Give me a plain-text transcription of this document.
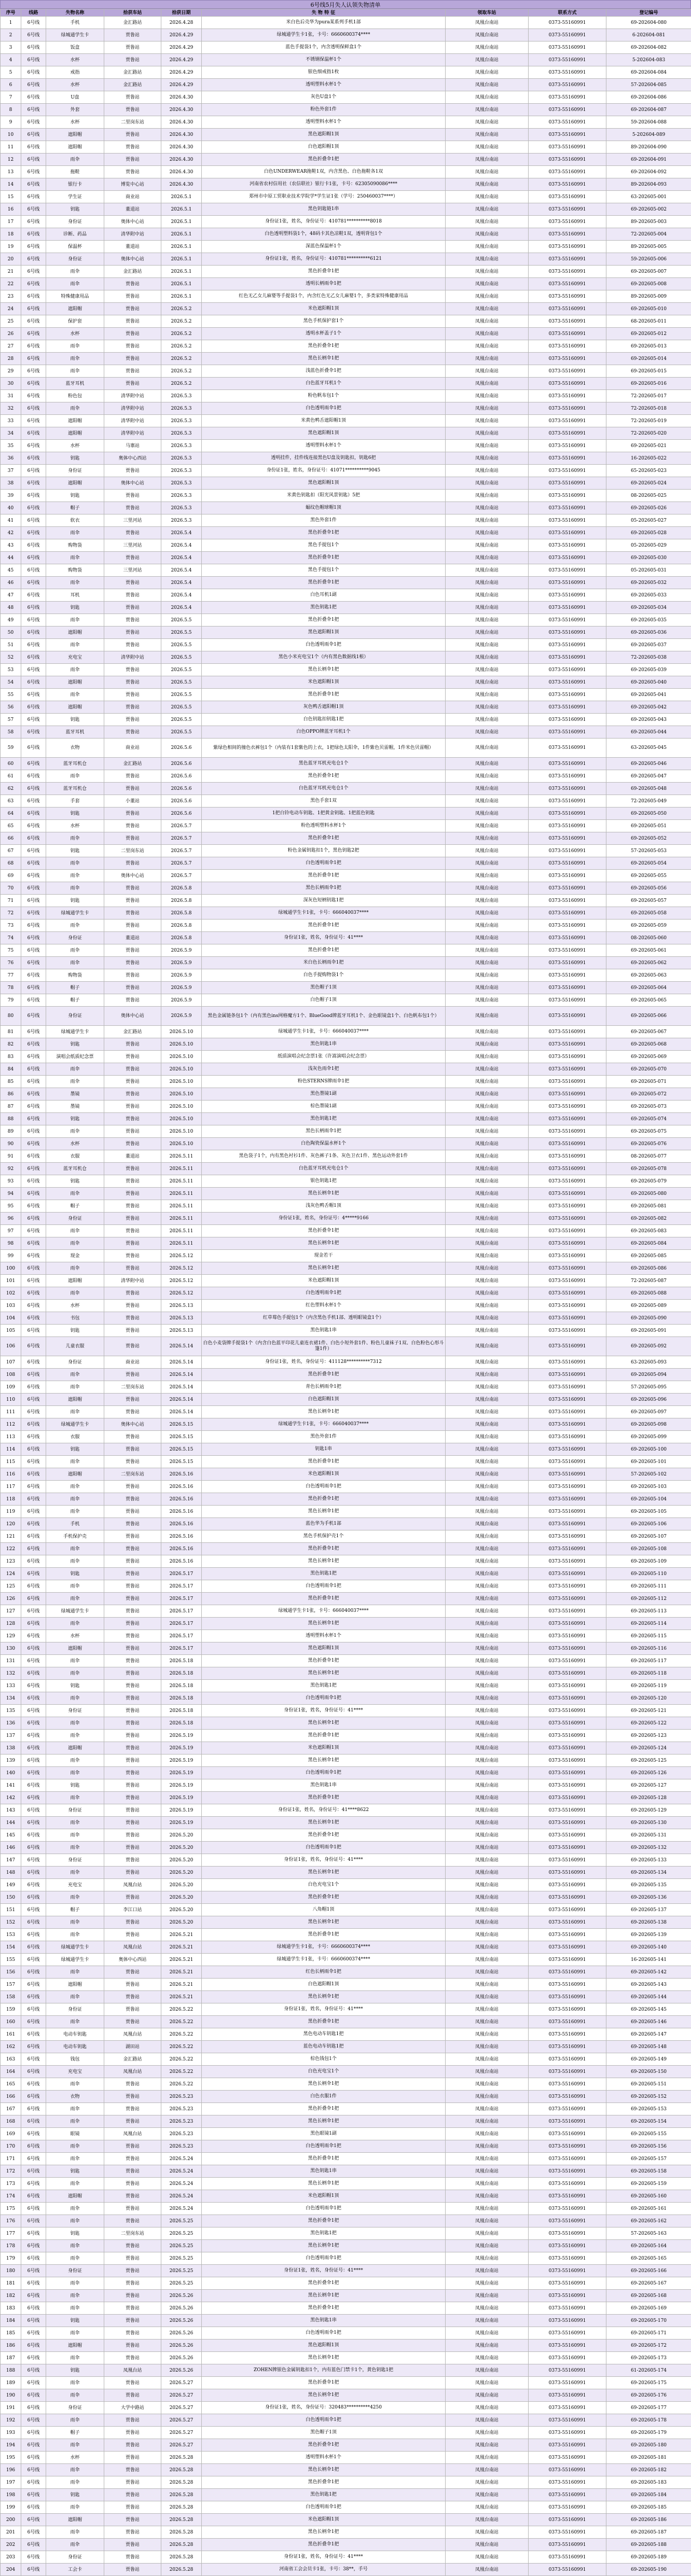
6号线5月失人认领失物清单
序号	线路	失物名称	拾获车站	拾获日期	失 物 特 征	领取车站	联系方式	登记编号
1	6号线	手机	金汇路站	2026.4.28	米白色后壳华为pura某系列手机1部	凤凰台南站	0373-55160991	69-202604-080
2	6号线	绿城通学生卡	贾鲁站	2026.4.29	绿城通学生卡1张，卡号：6660600374****	凤凰台南站	0373-55160991	6-202604-081
3	6号线	饭盒	贾鲁站	2026.4.29	蓝色手提袋1个，内含透明保鲜盒1个	凤凰台南站	0373-55160991	69-202604-082
4	6号线	水杯	贾鲁站	2026.4.29	不锈钢保温杯1个	凤凰台南站	0373-55160991	5-202604-083
5	6号线	戒指	金汇路站	2026.4.29	银色细戒指1枚	凤凰台南站	0373-55160991	69-202604-084
6	6号线	水杯	金汇路站	2026.4.29	透明塑料水杯1个	凤凰台南站	0373-55160991	57-202604-085
7	6号线	U盘	贾鲁站	2026.4.30	灰色U盘1个	凤凰台南站	0373-55160991	69-202604-086
8	6号线	外套	贾鲁站	2026.4.30	粉色外套1件	凤凰台南站	0373-55160991	69-202604-087
9	6号线	水杯	二里岗东站	2026.4.30	透明塑料水杯1个	凤凰台南站	0373-55160991	59-202604-088
10	6号线	遮阳帽	贾鲁站	2026.4.30	黑色遮阳帽1顶	凤凰台南站	0373-55160991	5-202604-089
11	6号线	遮阳帽	贾鲁站	2026.4.30	白色遮阳帽1顶	凤凰台南站	0373-55160991	89-202604-090
12	6号线	雨伞	贾鲁站	2026.4.30	黑色折叠伞1把	凤凰台南站	0373-55160991	69-202604-091
13	6号线	拖鞋	贾鲁站	2026.4.30	白色UNDERWEAR拖鞋1双，内含黑色、白色拖鞋各1双	凤凰台南站	0373-55160991	69-202604-092
14	6号线	银行卡	博览中心站	2026.4.30	河南省农村信用社（农信联社）银行卡1张，卡号：62305090086****	凤凰台南站	0373-55160991	89-202604-093
15	6号线	学生证	商业站	2026.5.1	郑州市中原工贸职业技术学院学*学生证1张（学号：250460037****）	凤凰台南站	0373-55160991	63-202605-001
16	6号线	钥匙	董道站	2026.5.1	黑色钥匙链1串	凤凰台南站	0373-55160991	69-202605-002
17	6号线	身份证	奥体中心站	2026.5.1	身份证1张，姓名，身份证号：410781**********8018	凤凰台南站	0373-55160991	89-202605-003
18	6号线	诊断、药品	清华附中站	2026.5.1	白色透明塑料袋1个，48码卡其色凉鞋1双，透明背包1个	凤凰台南站	0373-55160991	72-202605-004
19	6号线	保温杯	董道站	2026.5.1	深蓝色保温杯1个	凤凰台南站	0373-55160991	89-202605-005
20	6号线	身份证	奥体中心站	2026.5.1	身份证1张，姓名，身份证号：410781**********6121	凤凰台南站	0373-55160991	59-202605-006
21	6号线	雨伞	金汇路站	2026.5.1	黑色折叠伞1把	凤凰台南站	0373-55160991	69-202605-007
22	6号线	雨伞	贾鲁站	2026.5.1	透明长柄雨伞1把	凤凰台南站	0373-55160991	69-202605-008
23	6号线	特殊健康用品	贾鲁站	2026.5.1	红色无乙女儿麻婴等手提袋1个，内含红色无乙女儿麻婴1个，多类家特殊健康用品	凤凰台南站	0373-55160991	89-202605-009
24	6号线	遮阳帽	贾鲁站	2026.5.2	米色遮阳帽1顶	凤凰台南站	0373-55160991	69-202605-010
25	6号线	保护套	贾鲁站	2026.5.2	黑色手机保护套1个	凤凰台南站	0373-55160991	68-202605-011
26	6号线	水杯	贾鲁站	2026.5.2	透明水杯盖子1个	凤凰台南站	0373-55160991	69-202605-012
27	6号线	雨伞	贾鲁站	2026.5.2	黑色折叠伞1把	凤凰台南站	0373-55160991	69-202605-013
28	6号线	雨伞	贾鲁站	2026.5.2	黑色长柄伞1把	凤凰台南站	0373-55160991	69-202605-014
29	6号线	雨伞	贾鲁站	2026.5.2	浅蓝色折叠伞1把	凤凰台南站	0373-55160991	69-202605-015
30	6号线	蓝牙耳机	贾鲁站	2026.5.2	白色蓝牙耳机1个	凤凰台南站	0373-55160991	69-202605-016
31	6号线	粉色包	清华附中站	2026.5.3	粉色帆布包1个	凤凰台南站	0373-55160991	72-202605-017
32	6号线	雨伞	清华附中站	2026.5.3	白色透明雨伞1把	凤凰台南站	0373-55160991	72-202605-018
33	6号线	遮阳帽	清华附中站	2026.5.3	米黄色鸭舌遮阳帽1顶	凤凰台南站	0373-55160991	72-202605-019
34	6号线	遮阳帽	清华附中站	2026.5.3	黑色遮阳帽1顶	凤凰台南站	0373-55160991	72-202605-020
35	6号线	水杯	马寨站	2026.5.3	透明塑料水杯1个	凤凰台南站	0373-55160991	69-202605-021
36	6号线	钥匙	奥体中心西站	2026.5.3	透明挂件，挂件线连接黑色U盘及钥匙扣，钥匙6把	凤凰台南站	0373-55160991	16-202605-022
37	6号线	身份证	贾鲁站	2026.5.3	身份证1张，姓名，身份证号：41071**********9045	凤凰台南站	0373-55160991	65-202605-023
38	6号线	遮阳帽	奥体中心站	2026.5.3	黑色遮阳帽1顶	凤凰台南站	0373-55160991	69-202605-024
39	6号线	钥匙	贾鲁站	2026.5.3	米黄色钥匙扣（阳光风景钥匙）5把	凤凰台南站	0373-55160991	08-202605-025
40	6号线	帽子	贾鲁站	2026.5.3	蝠纹色帽球帽1顶	凤凰台南站	0373-55160991	69-202605-026
41	6号线	软衣	三里河站	2026.5.3	黑色外套1件	凤凰台南站	0373-55160991	05-202605-027
42	6号线	雨伞	贾鲁站	2026.5.4	黑色折叠伞1把	凤凰台南站	0373-55160991	69-202605-028
43	6号线	购物袋	三里河站	2026.5.4	黑色手提包1个	凤凰台南站	0373-55160991	05-202605-029
44	6号线	雨伞	贾鲁站	2026.5.4	黑色折叠伞1把	凤凰台南站	0373-55160991	69-202605-030
45	6号线	购物袋	三里河站	2026.5.4	黑色手提包1个	凤凰台南站	0373-55160991	05-202605-031
46	6号线	雨伞	贾鲁站	2026.5.4	黑色折叠伞1把	凤凰台南站	0373-55160991	69-202605-032
47	6号线	耳机	贾鲁站	2026.5.4	白色耳机1副	凤凰台南站	0373-55160991	69-202605-033
48	6号线	钥匙	贾鲁站	2026.5.4	黑色钥匙1把	凤凰台南站	0373-55160991	69-202605-034
49	6号线	雨伞	贾鲁站	2026.5.5	黑色折叠伞1把	凤凰台南站	0373-55160991	69-202605-035
50	6号线	遮阳帽	贾鲁站	2026.5.5	黑色遮阳帽1顶	凤凰台南站	0373-55160991	69-202605-036
51	6号线	雨伞	贾鲁站	2026.5.5	白色透明雨伞1把	凤凰台南站	0373-55160991	69-202605-037
52	6号线	充电宝	清华附中站	2026.5.5	黑色小米充电宝1个（内有黑色数据线1根）	凤凰台南站	0373-55160991	72-202605-038
53	6号线	雨伞	贾鲁站	2026.5.5	黑色长柄伞1把	凤凰台南站	0373-55160991	69-202605-039
54	6号线	遮阳帽	贾鲁站	2026.5.5	米色遮阳帽1顶	凤凰台南站	0373-55160991	69-202605-040
55	6号线	雨伞	贾鲁站	2026.5.5	黑色折叠伞1把	凤凰台南站	0373-55160991	69-202605-041
56	6号线	遮阳帽	贾鲁站	2026.5.5	灰色鸭舌遮阳帽1顶	凤凰台南站	0373-55160991	69-202605-042
57	6号线	钥匙	贾鲁站	2026.5.5	白色钥匙扣钥匙1把	凤凰台南站	0373-55160991	69-202605-043
58	6号线	蓝牙耳机	贾鲁站	2026.5.5	白色OPPO牌蓝牙耳机1个	凤凰台南站	0373-55160991	69-202605-044
59	6号线	衣物	商业站	2026.5.6	紫绿色相间的撞色衣裤包1个（内装有1套紫色的上衣，1把绿色太阳伞，1件紫色贝雷帽，1件米色贝雷帽）	凤凰台南站	0373-55160991	63-202605-045
60	6号线	蓝牙耳机仓	金汇路站	2026.5.6	黑色蓝牙耳机充电仓1个	凤凰台南站	0373-55160991	69-202605-046
61	6号线	雨伞	贾鲁站	2026.5.6	黑色折叠伞1把	凤凰台南站	0373-55160991	69-202605-047
62	6号线	蓝牙耳机仓	贾鲁站	2026.5.6	白色蓝牙耳机充电仓1个	凤凰台南站	0373-55160991	69-202605-048
63	6号线	手套	小董站	2026.5.6	黑色手套1双	凤凰台南站	0373-55160991	72-202605-049
64	6号线	钥匙	贾鲁站	2026.5.6	1把白铃电动车钥匙、1把黄金钥匙、1把蓝色钥匙	凤凰台南站	0373-55160991	69-202605-050
65	6号线	水杯	贾鲁站	2026.5.7	粉色透明塑料水杯1个	凤凰台南站	0373-55160991	69-202605-051
66	6号线	雨伞	贾鲁站	2026.5.7	黑色折叠伞1把	凤凰台南站	0373-55160991	69-202605-052
67	6号线	钥匙	二里岗东站	2026.5.7	粉色金属钥匙扣1个，黑色钥匙2把	凤凰台南站	0373-55160991	57-202605-053
68	6号线	雨伞	贾鲁站	2026.5.7	白色透明雨伞1把	凤凰台南站	0373-55160991	69-202605-054
69	6号线	雨伞	奥体中心站	2026.5.7	黑色折叠伞1把	凤凰台南站	0373-55160991	69-202605-055
70	6号线	雨伞	贾鲁站	2026.5.8	黑色长柄雨伞1把	凤凰台南站	0373-55160991	69-202605-056
71	6号线	钥匙	贾鲁站	2026.5.8	深灰色短柄钥匙1把	凤凰台南站	0373-55160991	69-202605-057
72	6号线	绿城通学生卡	贾鲁站	2026.5.8	绿城通学生卡1张，卡号：666040037****	凤凰台南站	0373-55160991	69-202605-058
73	6号线	雨伞	贾鲁站	2026.5.8	黑色折叠伞1把	凤凰台南站	0373-55160991	69-202605-059
74	6号线	身份证	董道站	2026.5.8	身份证1张，姓名，身份证号：41****	凤凰台南站	0373-55160991	08-202605-060
75	6号线	雨伞	贾鲁站	2026.5.9	黑色折叠伞1把	凤凰台南站	0373-55160991	69-202605-061
76	6号线	雨伞	贾鲁站	2026.5.9	米白色长柄雨伞1把	凤凰台南站	0373-55160991	69-202605-062
77	6号线	购物袋	贾鲁站	2026.5.9	白色手提购物袋1个	凤凰台南站	0373-55160991	69-202605-063
78	6号线	帽子	贾鲁站	2026.5.9	黑色帽子1顶	凤凰台南站	0373-55160991	69-202605-064
79	6号线	帽子	贾鲁站	2026.5.9	白色帽子1顶	凤凰台南站	0373-55160991	69-202605-065
80	6号线	身份证	奥体中心站	2026.5.9	黑色金属链条包1个（内有黑色ins网格魔方1个、BlueGood牌蓝牙耳机1个、金色眼镜盒1个、白色帆布包1个）	凤凰台南站	0373-55160991	69-202605-066
81	6号线	绿城通学生卡	金汇路站	2026.5.10	绿城通学生卡1张，卡号：666040037****	凤凰台南站	0373-55160991	69-202605-067
82	6号线	钥匙	贾鲁站	2026.5.10	黑色钥匙1串	凤凰台南站	0373-55160991	69-202605-068
83	6号线	演唱会纸质纪念票	贾鲁站	2026.5.10	纸质演唱会纪念票1张（许嵩演唱会纪念票）	凤凰台南站	0373-55160991	69-202605-069
84	6号线	雨伞	贾鲁站	2026.5.10	浅灰色雨伞1把	凤凰台南站	0373-55160991	69-202605-070
85	6号线	雨伞	贾鲁站	2026.5.10	粉色STERNS牌雨伞1把	凤凰台南站	0373-55160991	69-202605-071
86	6号线	墨镜	贾鲁站	2026.5.10	黑色墨镜1副	凤凰台南站	0373-55160991	69-202605-072
87	6号线	墨镜	贾鲁站	2026.5.10	棕色墨镜1副	凤凰台南站	0373-55160991	69-202605-073
88	6号线	钥匙	贾鲁站	2026.5.10	黑色钥匙1把	凤凰台南站	0373-55160991	69-202605-074
89	6号线	雨伞	贾鲁站	2026.5.10	黑色长柄雨伞1把	凤凰台南站	0373-55160991	69-202605-075
90	6号线	水杯	贾鲁站	2026.5.10	白色陶瓷保温水杯1个	凤凰台南站	0373-55160991	69-202605-076
91	6号线	衣服	董道站	2026.5.11	黑色袋子1个，内有黑色衬衫1件、灰色裤子1条、灰色卫衣1件、黑色运动外套1件	凤凰台南站	0373-55160991	08-202605-077
92	6号线	蓝牙耳机仓	贾鲁站	2026.5.11	白色蓝牙耳机充电仓1个	凤凰台南站	0373-55160991	69-202605-078
93	6号线	钥匙	贾鲁站	2026.5.11	银色钥匙1把	凤凰台南站	0373-55160991	69-202605-079
94	6号线	雨伞	贾鲁站	2026.5.11	黑色长柄伞1把	凤凰台南站	0373-55160991	69-202605-080
95	6号线	帽子	贾鲁站	2026.5.11	浅灰色鸭舌帽1顶	凤凰台南站	0373-55160991	69-202605-081
96	6号线	身份证	贾鲁站	2026.5.11	身份证1张，姓名，身份证号：4*****9166	凤凰台南站	0373-55160991	69-202605-082
97	6号线	雨伞	贾鲁站	2026.5.11	黑色折叠伞1把	凤凰台南站	0373-55160991	69-202605-083
98	6号线	雨伞	贾鲁站	2026.5.11	黑色长柄伞1把	凤凰台南站	0373-55160991	69-202605-084
99	6号线	现金	贾鲁站	2026.5.12	现金若干	凤凰台南站	0373-55160991	69-202605-085
100	6号线	雨伞	贾鲁站	2026.5.12	黑色长柄伞1把	凤凰台南站	0373-55160991	69-202605-086
101	6号线	遮阳帽	清华附中站	2026.5.12	米色遮阳帽1顶	凤凰台南站	0373-55160991	72-202605-087
102	6号线	雨伞	贾鲁站	2026.5.12	白色透明雨伞1把	凤凰台南站	0373-55160991	69-202605-088
103	6号线	水杯	贾鲁站	2026.5.13	红色塑料水杯1个	凤凰台南站	0373-55160991	69-202605-089
104	6号线	书包	贾鲁站	2026.5.13	红草莓色手提包1个（内含黑色手机1部、透明眼镜盒1个）	凤凰台南站	0373-55160991	69-202605-090
105	6号线	钥匙	贾鲁站	2026.5.13	黑色钥匙1串	凤凰台南站	0373-55160991	69-202605-091
106	6号线	儿童衣服	贾鲁站	2026.5.14	白色小麦袋牌手提袋1个（内含白色蓝平印花儿童连衣裙1件、白色小短外套1件、粉色儿童袜子1双、白色粉色心形斗篷1件）	凤凰台南站	0373-55160991	69-202605-092
107	6号线	身份证	商业站	2026.5.14	身份证1张，姓名，身份证号：411128**********7312	凤凰台南站	0373-55160991	63-202605-093
108	6号线	雨伞	贾鲁站	2026.5.14	黑色折叠伞1把	凤凰台南站	0373-55160991	69-202605-094
109	6号线	雨伞	二里岗东站	2026.5.14	青色长柄雨伞1把	凤凰台南站	0373-55160991	57-202605-095
110	6号线	遮阳帽	贾鲁站	2026.5.14	白色遮阳帽1顶	凤凰台南站	0373-55160991	69-202605-096
111	6号线	雨伞	贾鲁站	2026.5.14	黑色长柄伞1把	凤凰台南站	0373-55160991	69-202605-097
112	6号线	绿城通学生卡	奥体中心站	2026.5.15	绿城通学生卡1张，卡号：666040037****	凤凰台南站	0373-55160991	69-202605-098
113	6号线	衣服	贾鲁站	2026.5.15	黑色外套1件	凤凰台南站	0373-55160991	69-202605-099
114	6号线	钥匙	贾鲁站	2026.5.15	钥匙1串	凤凰台南站	0373-55160991	69-202605-100
115	6号线	雨伞	贾鲁站	2026.5.15	黑色折叠伞1把	凤凰台南站	0373-55160991	69-202605-101
116	6号线	遮阳帽	二里岗东站	2026.5.16	米色遮阳帽1顶	凤凰台南站	0373-55160991	57-202605-102
117	6号线	雨伞	贾鲁站	2026.5.16	白色透明雨伞1把	凤凰台南站	0373-55160991	69-202605-103
118	6号线	雨伞	贾鲁站	2026.5.16	黑色折叠伞1把	凤凰台南站	0373-55160991	69-202605-104
119	6号线	雨伞	贾鲁站	2026.5.16	黑色长柄伞1把	凤凰台南站	0373-55160991	69-202605-105
120	6号线	手机	贾鲁站	2026.5.16	蓝色华为手机1部	凤凰台南站	0373-55160991	69-202605-106
121	6号线	手机保护壳	贾鲁站	2026.5.16	黑色手机保护壳1个	凤凰台南站	0373-55160991	69-202605-107
122	6号线	雨伞	贾鲁站	2026.5.16	黑色折叠伞1把	凤凰台南站	0373-55160991	69-202605-108
123	6号线	雨伞	贾鲁站	2026.5.16	黑色长柄伞1把	凤凰台南站	0373-55160991	69-202605-109
124	6号线	钥匙	贾鲁站	2026.5.17	黑色钥匙1把	凤凰台南站	0373-55160991	69-202605-110
125	6号线	雨伞	贾鲁站	2026.5.17	白色透明雨伞1把	凤凰台南站	0373-55160991	69-202605-111
126	6号线	雨伞	贾鲁站	2026.5.17	黑色折叠伞1把	凤凰台南站	0373-55160991	69-202605-112
127	6号线	绿城通学生卡	贾鲁站	2026.5.17	绿城通学生卡1张，卡号：666040037****	凤凰台南站	0373-55160991	69-202605-113
128	6号线	雨伞	贾鲁站	2026.5.17	黑色长柄伞1把	凤凰台南站	0373-55160991	69-202605-114
129	6号线	水杯	贾鲁站	2026.5.17	透明塑料水杯1个	凤凰台南站	0373-55160991	69-202605-115
130	6号线	遮阳帽	贾鲁站	2026.5.17	黑色遮阳帽1顶	凤凰台南站	0373-55160991	69-202605-116
131	6号线	雨伞	贾鲁站	2026.5.18	黑色折叠伞1把	凤凰台南站	0373-55160991	69-202605-117
132	6号线	雨伞	贾鲁站	2026.5.18	黑色长柄伞1把	凤凰台南站	0373-55160991	69-202605-118
133	6号线	钥匙	贾鲁站	2026.5.18	黑色钥匙1把	凤凰台南站	0373-55160991	69-202605-119
134	6号线	雨伞	贾鲁站	2026.5.18	白色透明雨伞1把	凤凰台南站	0373-55160991	69-202605-120
135	6号线	身份证	贾鲁站	2026.5.18	身份证1张，姓名，身份证号：41****	凤凰台南站	0373-55160991	69-202605-121
136	6号线	雨伞	贾鲁站	2026.5.18	黑色长柄伞1把	凤凰台南站	0373-55160991	69-202605-122
137	6号线	雨伞	贾鲁站	2026.5.19	黑色折叠伞1把	凤凰台南站	0373-55160991	69-202605-123
138	6号线	遮阳帽	贾鲁站	2026.5.19	米色遮阳帽1顶	凤凰台南站	0373-55160991	69-202605-124
139	6号线	雨伞	贾鲁站	2026.5.19	黑色长柄伞1把	凤凰台南站	0373-55160991	69-202605-125
140	6号线	雨伞	贾鲁站	2026.5.19	白色透明雨伞1把	凤凰台南站	0373-55160991	69-202605-126
141	6号线	钥匙	贾鲁站	2026.5.19	黑色钥匙1串	凤凰台南站	0373-55160991	69-202605-127
142	6号线	雨伞	贾鲁站	2026.5.19	黑色折叠伞1把	凤凰台南站	0373-55160991	69-202605-128
143	6号线	身份证	贾鲁站	2026.5.19	身份证1张，姓名，身份证号：41****8622	凤凰台南站	0373-55160991	69-202605-129
144	6号线	雨伞	贾鲁站	2026.5.19	黑色长柄伞1把	凤凰台南站	0373-55160991	69-202605-130
145	6号线	雨伞	贾鲁站	2026.5.20	黑色折叠伞1把	凤凰台南站	0373-55160991	69-202605-131
146	6号线	雨伞	贾鲁站	2026.5.20	白色透明雨伞1把	凤凰台南站	0373-55160991	69-202605-132
147	6号线	身份证	贾鲁站	2026.5.20	身份证1张，姓名，身份证号：41****	凤凰台南站	0373-55160991	69-202605-133
148	6号线	雨伞	贾鲁站	2026.5.20	黑色长柄伞1把	凤凰台南站	0373-55160991	69-202605-134
149	6号线	充电宝	凤凰台站	2026.5.20	白色充电宝1个	凤凰台南站	0373-55160991	69-202605-135
150	6号线	雨伞	贾鲁站	2026.5.20	黑色折叠伞1把	凤凰台南站	0373-55160991	69-202605-136
151	6号线	帽子	李江口站	2026.5.20	八角帽1顶	凤凰台南站	0373-55160991	69-202605-137
152	6号线	雨伞	贾鲁站	2026.5.20	黑色长柄伞1把	凤凰台南站	0373-55160991	69-202605-138
153	6号线	雨伞	贾鲁站	2026.5.21	黑色折叠伞1把	凤凰台南站	0373-55160991	69-202605-139
154	6号线	绿城通学生卡	凤凰台站	2026.5.21	绿城通学生卡1张，卡号：6660600374****	凤凰台南站	0373-55160991	69-202605-140
155	6号线	绿城通学生卡	奥体中心西站	2026.5.21	绿城通学生卡1张，卡号：6660600374****	凤凰台南站	0373-55160991	16-202605-141
156	6号线	雨伞	贾鲁站	2026.5.21	红色长柄雨伞1把	凤凰台南站	0373-55160991	69-202605-142
157	6号线	遮阳帽	贾鲁站	2026.5.21	白色遮阳帽1顶	凤凰台南站	0373-55160991	69-202605-143
158	6号线	雨伞	贾鲁站	2026.5.21	黑色长柄伞1把	凤凰台南站	0373-55160991	69-202605-144
159	6号线	身份证	贾鲁站	2026.5.22	身份证1张，姓名，身份证号：41****	凤凰台南站	0373-55160991	69-202605-145
160	6号线	雨伞	贾鲁站	2026.5.22	黑色折叠伞1把	凤凰台南站	0373-55160991	69-202605-146
161	6号线	电动车钥匙	凤凰台站	2026.5.22	黑色电动车钥匙1把	凤凰台南站	0373-55160991	69-202605-147
162	6号线	电动车钥匙	湖田站	2026.5.22	蓝色电动车钥匙1把	凤凰台南站	0373-55160991	69-202605-148
163	6号线	钱包	金汇路站	2026.5.22	棕色钱包1个	凤凰台南站	0373-55160991	69-202605-149
164	6号线	充电宝	凤凰台站	2026.5.22	白色充电宝1个	凤凰台南站	0373-55160991	69-202605-150
165	6号线	雨伞	贾鲁站	2026.5.22	黑色长柄伞1把	凤凰台南站	0373-55160991	69-202605-151
166	6号线	衣物	贾鲁站	2026.5.23	白色衣服1件	凤凰台南站	0373-55160991	69-202605-152
167	6号线	雨伞	贾鲁站	2026.5.23	黑色折叠伞1把	凤凰台南站	0373-55160991	69-202605-153
168	6号线	雨伞	贾鲁站	2026.5.23	黑色长柄伞1把	凤凰台南站	0373-55160991	69-202605-154
169	6号线	眼镜	凤凰台站	2026.5.23	黑色眼镜1副	凤凰台南站	0373-55160991	69-202605-155
170	6号线	雨伞	贾鲁站	2026.5.23	白色透明雨伞1把	凤凰台南站	0373-55160991	69-202605-156
171	6号线	雨伞	贾鲁站	2026.5.24	黑色折叠伞1把	凤凰台南站	0373-55160991	69-202605-157
172	6号线	钥匙	贾鲁站	2026.5.24	黑色钥匙1串	凤凰台南站	0373-55160991	69-202605-158
173	6号线	雨伞	贾鲁站	2026.5.24	黑色长柄伞1把	凤凰台南站	0373-55160991	69-202605-159
174	6号线	遮阳帽	贾鲁站	2026.5.24	米色遮阳帽1顶	凤凰台南站	0373-55160991	69-202605-160
175	6号线	雨伞	贾鲁站	2026.5.24	白色透明雨伞1把	凤凰台南站	0373-55160991	69-202605-161
176	6号线	雨伞	贾鲁站	2026.5.25	黑色折叠伞1把	凤凰台南站	0373-55160991	69-202605-162
177	6号线	钥匙	二里岗东站	2026.5.25	黑色钥匙1把	凤凰台南站	0373-55160991	57-202605-163
178	6号线	雨伞	贾鲁站	2026.5.25	黑色长柄伞1把	凤凰台南站	0373-55160991	69-202605-164
179	6号线	雨伞	贾鲁站	2026.5.25	白色透明雨伞1把	凤凰台南站	0373-55160991	69-202605-165
180	6号线	身份证	贾鲁站	2026.5.25	身份证1张，姓名，身份证号：41****	凤凰台南站	0373-55160991	69-202605-166
181	6号线	雨伞	贾鲁站	2026.5.25	黑色折叠伞1把	凤凰台南站	0373-55160991	69-202605-167
182	6号线	雨伞	贾鲁站	2026.5.26	黑色长柄伞1把	凤凰台南站	0373-55160991	69-202605-168
183	6号线	雨伞	贾鲁站	2026.5.26	黑色折叠伞1把	凤凰台南站	0373-55160991	69-202605-169
184	6号线	钥匙	贾鲁站	2026.5.26	黑色钥匙1串	凤凰台南站	0373-55160991	69-202605-170
185	6号线	雨伞	贾鲁站	2026.5.26	白色透明雨伞1把	凤凰台南站	0373-55160991	69-202605-171
186	6号线	遮阳帽	贾鲁站	2026.5.26	黑色遮阳帽1顶	凤凰台南站	0373-55160991	69-202605-172
187	6号线	雨伞	贾鲁站	2026.5.26	黑色长柄伞1把	凤凰台南站	0373-55160991	69-202605-173
188	6号线	钥匙	凤凰台站	2026.5.26	ZOHEN牌银色金属钥匙扣1个，内有蓝色门禁卡1个，黄色钥匙1把	凤凰台南站	0373-55160991	61-202605-174
189	6号线	雨伞	贾鲁站	2026.5.27	黑色折叠伞1把	凤凰台南站	0373-55160991	69-202605-175
190	6号线	雨伞	贾鲁站	2026.5.27	黑色长柄伞1把	凤凰台南站	0373-55160991	69-202605-176
191	6号线	身份证	大学中路站	2026.5.27	身份证1张，姓名，身份证号：320483**********4250	凤凰台南站	0373-55160991	69-202605-177
192	6号线	雨伞	贾鲁站	2026.5.27	白色透明雨伞1把	凤凰台南站	0373-55160991	69-202605-178
193	6号线	帽子	贾鲁站	2026.5.27	黑色帽子1顶	凤凰台南站	0373-55160991	69-202605-179
194	6号线	雨伞	贾鲁站	2026.5.27	黑色折叠伞1把	凤凰台南站	0373-55160991	69-202605-180
195	6号线	水杯	贾鲁站	2026.5.28	透明塑料水杯1个	凤凰台南站	0373-55160991	69-202605-181
196	6号线	雨伞	贾鲁站	2026.5.28	黑色长柄伞1把	凤凰台南站	0373-55160991	69-202605-182
197	6号线	雨伞	贾鲁站	2026.5.28	黑色折叠伞1把	凤凰台南站	0373-55160991	69-202605-183
198	6号线	钥匙	贾鲁站	2026.5.28	黑色钥匙1把	凤凰台南站	0373-55160991	69-202605-184
199	6号线	雨伞	贾鲁站	2026.5.28	白色透明雨伞1把	凤凰台南站	0373-55160991	69-202605-185
200	6号线	遮阳帽	贾鲁站	2026.5.28	米色遮阳帽1顶	凤凰台南站	0373-55160991	69-202605-186
201	6号线	雨伞	贾鲁站	2026.5.28	黑色长柄伞1把	凤凰台南站	0373-55160991	69-202605-187
202	6号线	雨伞	贾鲁站	2026.5.28	黑色折叠伞1把	凤凰台南站	0373-55160991	69-202605-188
203	6号线	身份证	贾鲁站	2026.5.28	身份证1张，姓名，身份证号：41****	凤凰台南站	0373-55160991	69-202605-189
204	6号线	工会卡	贾鲁站	2026.5.28	河南省工会会员卡1张，卡号：38**，手号	凤凰台南站	0373-55160991	69-202605-190
